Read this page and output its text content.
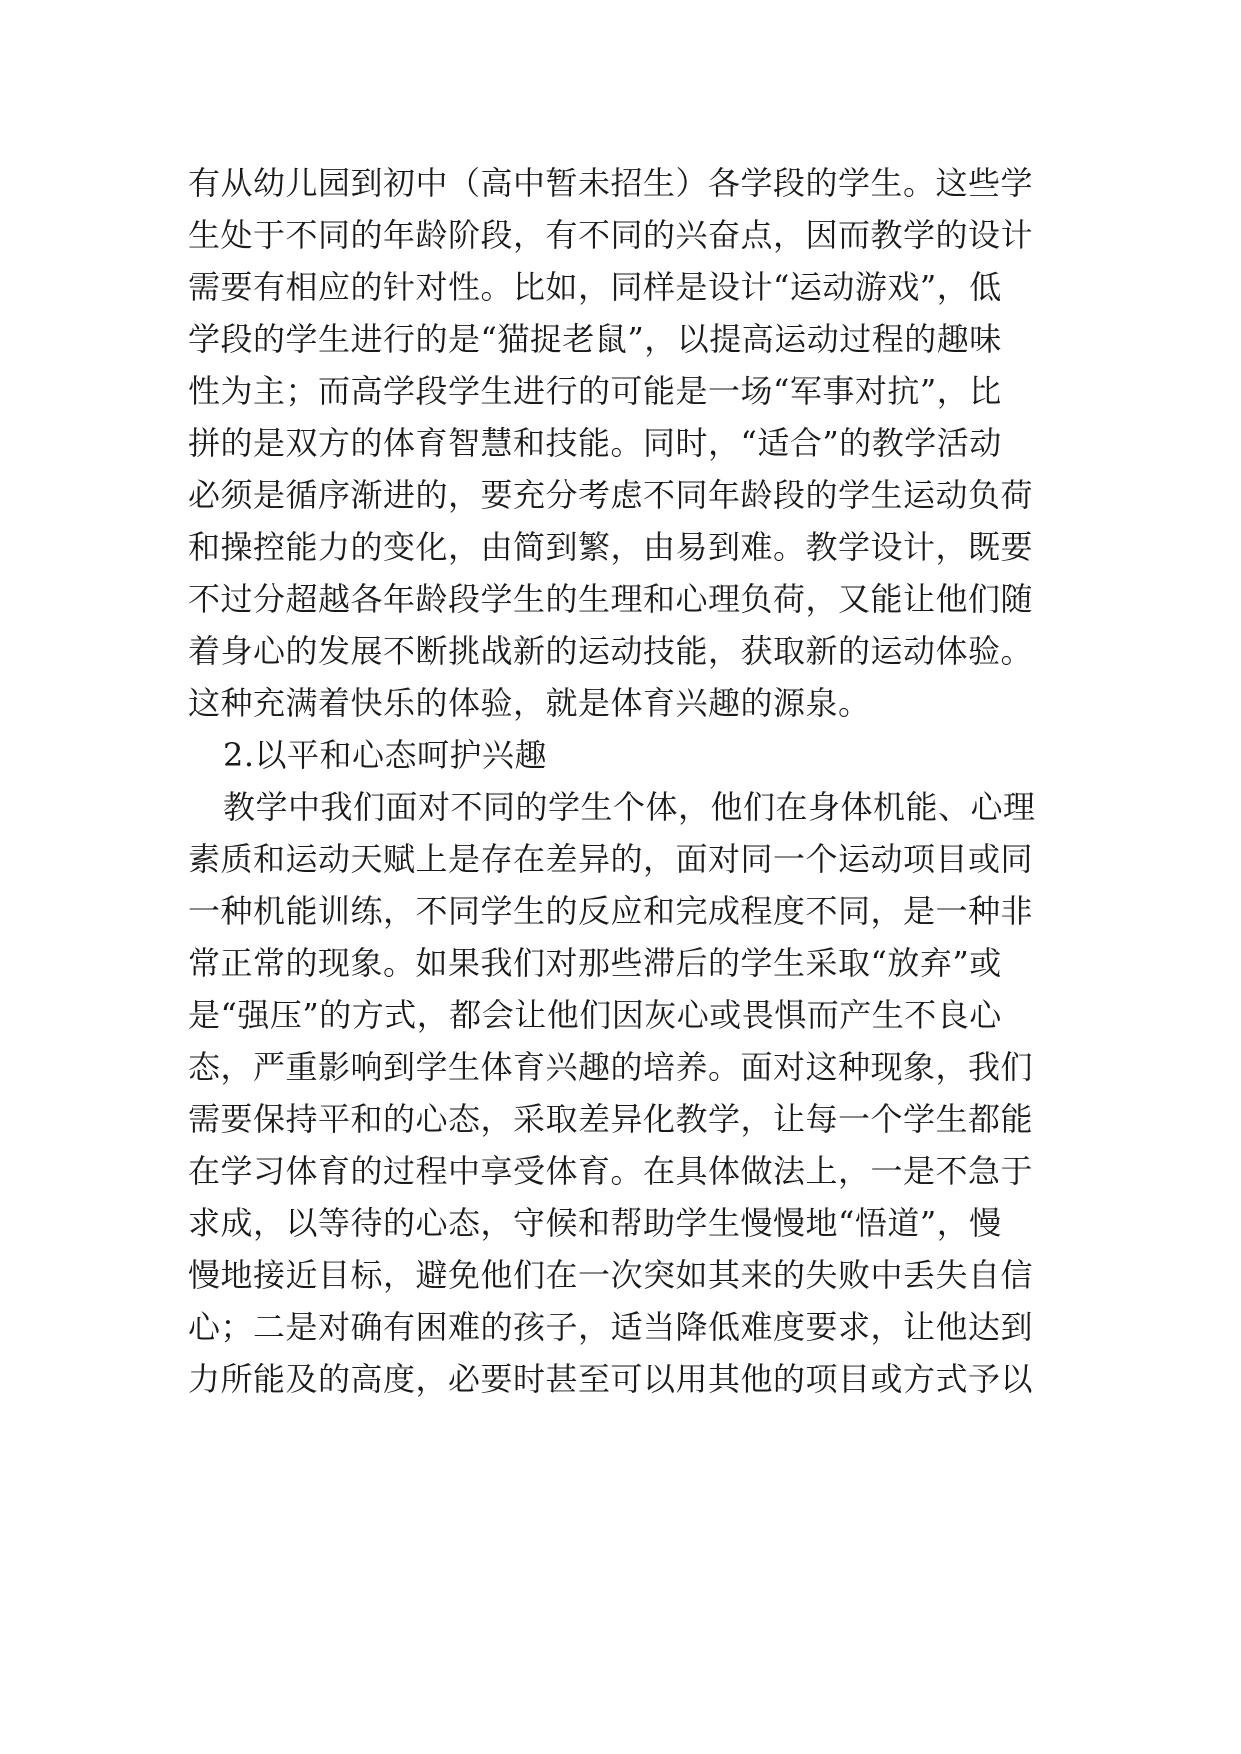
有从幼儿园到初中（高中暂未招生）各学段的学生。这些学
生处于不同的年龄阶段，有不同的兴奋点，因而教学的设计
需要有相应的针对性。比如，同样是设计“运动游戏”，低
学段的学生进行的是“猫捉老鼠”，以提高运动过程的趣味
性为主；而高学段学生进行的可能是一场“军事对抗”，比
拼的是双方的体育智慧和技能。同时，“适合”的教学活动
必须是循序渐进的，要充分考虑不同年龄段的学生运动负荷
和操控能力的变化，由简到繁，由易到难。教学设计，既要
不过分超越各年龄段学生的生理和心理负荷，又能让他们随
着身心的发展不断挑战新的运动技能，获取新的运动体验。
这种充满着快乐的体验，就是体育兴趣的源泉。
2.以平和心态呵护兴趣
教学中我们面对不同的学生个体，他们在身体机能、心理
素质和运动天赋上是存在差异的，面对同一个运动项目或同
一种机能训练，不同学生的反应和完成程度不同，是一种非
常正常的现象。如果我们对那些滞后的学生采取“放弃”或
是“强压”的方式，都会让他们因灰心或畏惧而产生不良心
态，严重影响到学生体育兴趣的培养。面对这种现象，我们
需要保持平和的心态，采取差异化教学，让每一个学生都能
在学习体育的过程中享受体育。在具体做法上，一是不急于
求成，以等待的心态，守候和帮助学生慢慢地“悟道”，慢
慢地接近目标，避免他们在一次突如其来的失败中丢失自信
心；二是对确有困难的孩子，适当降低难度要求，让他达到
力所能及的高度，必要时甚至可以用其他的项目或方式予以
